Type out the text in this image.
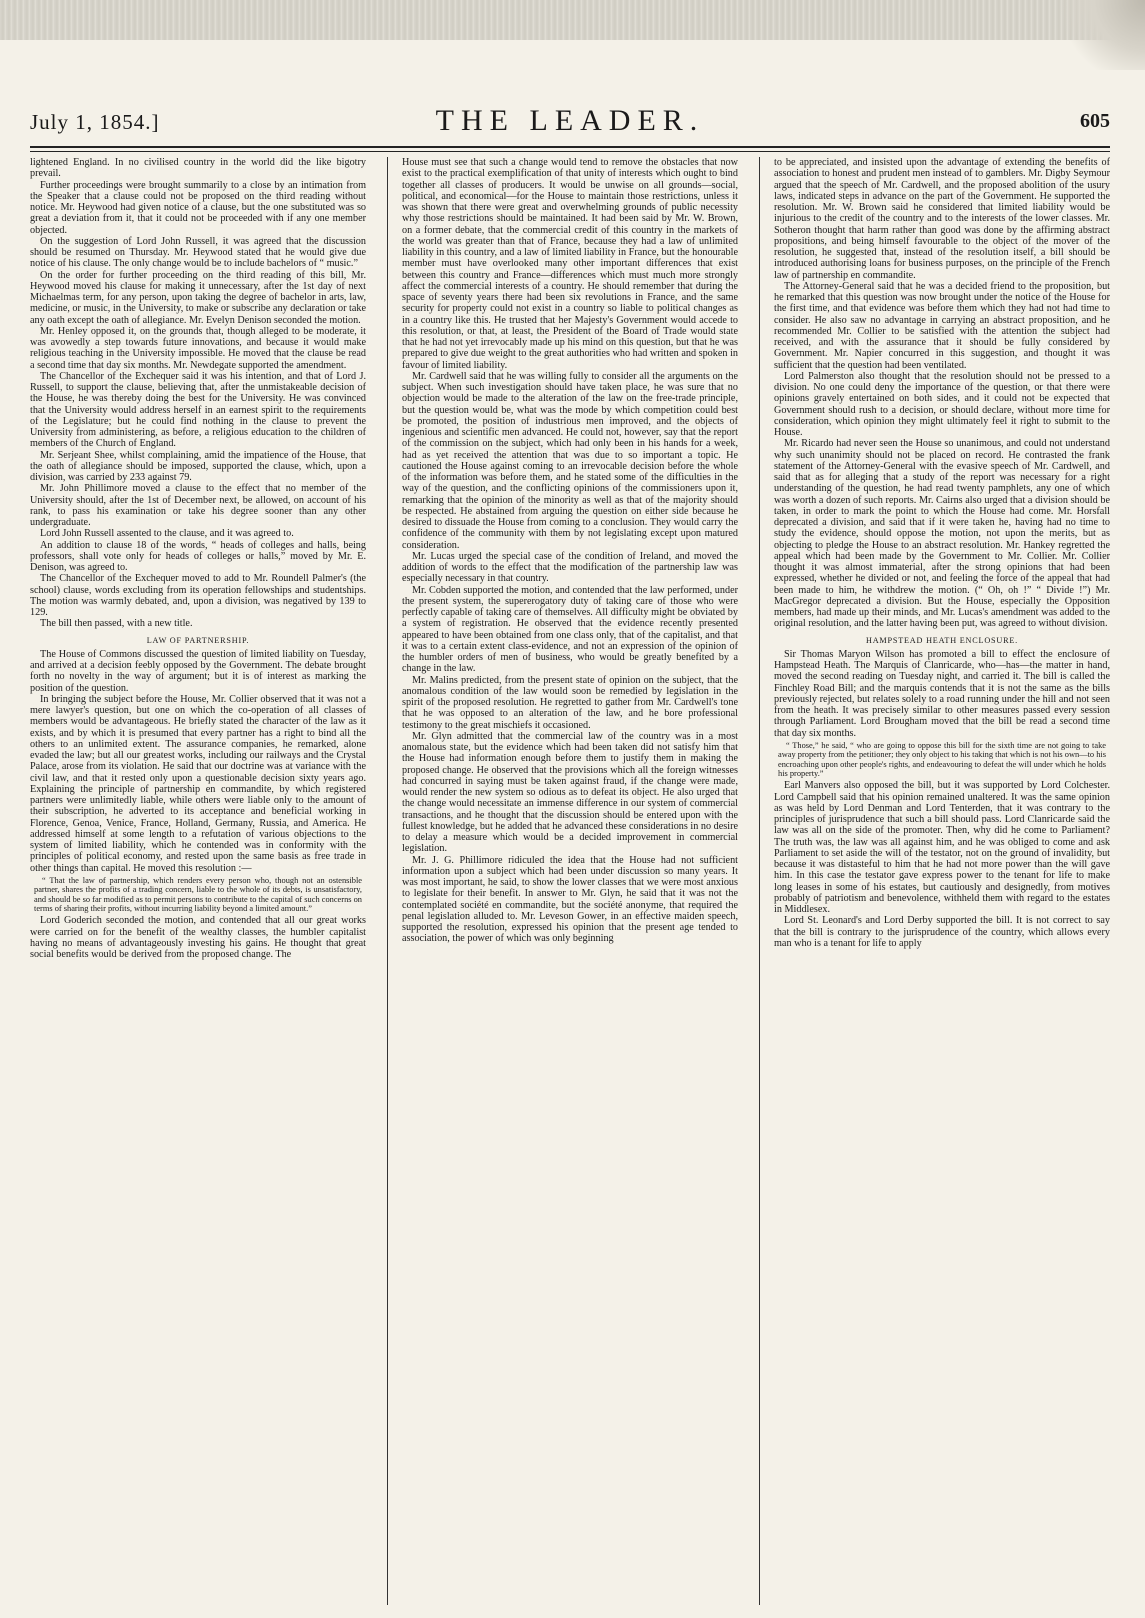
July 1, 1854.]	THE LEADER.	605

lightened England. In no civilised country in the world did the like bigotry prevail.

Further proceedings were brought summarily to a close by an intimation from the Speaker that a clause could not be proposed on the third reading without notice. Mr. Heywood had given notice of a clause, but the one substituted was so great a deviation from it, that it could not be proceeded with if any one member objected.

On the suggestion of Lord John Russell, it was agreed that the discussion should be resumed on Thursday. Mr. Heywood stated that he would give due notice of his clause. The only change would be to include bachelors of “ music.”

On the order for further proceeding on the third reading of this bill, Mr. Heywood moved his clause for making it unnecessary, after the 1st day of next Michaelmas term, for any person, upon taking the degree of bachelor in arts, law, medicine, or music, in the University, to make or subscribe any declaration or take any oath except the oath of allegiance. Mr. Evelyn Denison seconded the motion.

Mr. Henley opposed it, on the grounds that, though alleged to be moderate, it was avowedly a step towards future innovations, and because it would make religious teaching in the University impossible. He moved that the clause be read a second time that day six months. Mr. Newdegate supported the amendment.

The Chancellor of the Exchequer said it was his intention, and that of Lord J. Russell, to support the clause, believing that, after the unmistakeable decision of the House, he was thereby doing the best for the University. He was convinced that the University would address herself in an earnest spirit to the requirements of the Legislature; but he could find nothing in the clause to prevent the University from administering, as before, a religious education to the children of members of the Church of England.

Mr. Serjeant Shee, whilst complaining, amid the impatience of the House, that the oath of allegiance should be imposed, supported the clause, which, upon a division, was carried by 233 against 79.

Mr. John Phillimore moved a clause to the effect that no member of the University should, after the 1st of December next, be allowed, on account of his rank, to pass his examination or take his degree sooner than any other undergraduate.

Lord John Russell assented to the clause, and it was agreed to.

An addition to clause 18 of the words, “ heads of colleges and halls, being professors, shall vote only for heads of colleges or halls,” moved by Mr. E. Denison, was agreed to.

The Chancellor of the Exchequer moved to add to Mr. Roundell Palmer's (the school) clause, words excluding from its operation fellowships and studentships. The motion was warmly debated, and, upon a division, was negatived by 139 to 129.

The bill then passed, with a new title.

LAW OF PARTNERSHIP.

The House of Commons discussed the question of limited liability on Tuesday, and arrived at a decision feebly opposed by the Government. The debate brought forth no novelty in the way of argument; but it is of interest as marking the position of the question.

In bringing the subject before the House, Mr. Collier observed that it was not a mere lawyer's question, but one on which the co-operation of all classes of members would be advantageous. He briefly stated the character of the law as it exists, and by which it is presumed that every partner has a right to bind all the others to an unlimited extent. The assurance companies, he remarked, alone evaded the law; but all our greatest works, including our railways and the Crystal Palace, arose from its violation. He said that our doctrine was at variance with the civil law, and that it rested only upon a questionable decision sixty years ago. Explaining the principle of partnership en commandite, by which registered partners were unlimitedly liable, while others were liable only to the amount of their subscription, he adverted to its acceptance and beneficial working in Florence, Genoa, Venice, France, Holland, Germany, Russia, and America. He addressed himself at some length to a refutation of various objections to the system of limited liability, which he contended was in conformity with the principles of political economy, and rested upon the same basis as free trade in other things than capital. He moved this resolution :—

“ That the law of partnership, which renders every person who, though not an ostensible partner, shares the profits of a trading concern, liable to the whole of its debts, is unsatisfactory, and should be so far modified as to permit persons to contribute to the capital of such concerns on terms of sharing their profits, without incurring liability beyond a limited amount.”

Lord Goderich seconded the motion, and contended that all our great works were carried on for the benefit of the wealthy classes, the humbler capitalist having no means of advantageously investing his gains. He thought that great social benefits would be derived from the proposed change. The

House must see that such a change would tend to remove the obstacles that now exist to the practical exemplification of that unity of interests which ought to bind together all classes of producers. It would be unwise on all grounds—social, political, and economical—for the House to maintain those restrictions, unless it was shown that there were great and overwhelming grounds of public necessity why those restrictions should be maintained. It had been said by Mr. W. Brown, on a former debate, that the commercial credit of this country in the markets of the world was greater than that of France, because they had a law of unlimited liability in this country, and a law of limited liability in France, but the honourable member must have overlooked many other important differences that exist between this country and France—differences which must much more strongly affect the commercial interests of a country. He should remember that during the space of seventy years there had been six revolutions in France, and the same security for property could not exist in a country so liable to political changes as in a country like this. He trusted that her Majesty's Government would accede to this resolution, or that, at least, the President of the Board of Trade would state that he had not yet irrevocably made up his mind on this question, but that he was prepared to give due weight to the great authorities who had written and spoken in favour of limited liability.

Mr. Cardwell said that he was willing fully to consider all the arguments on the subject. When such investigation should have taken place, he was sure that no objection would be made to the alteration of the law on the free-trade principle, but the question would be, what was the mode by which competition could best be promoted, the position of industrious men improved, and the objects of ingenious and scientific men advanced. He could not, however, say that the report of the commission on the subject, which had only been in his hands for a week, had as yet received the attention that was due to so important a topic. He cautioned the House against coming to an irrevocable decision before the whole of the information was before them, and he stated some of the difficulties in the way of the question, and the conflicting opinions of the commissioners upon it, remarking that the opinion of the minority as well as that of the majority should be respected. He abstained from arguing the question on either side because he desired to dissuade the House from coming to a conclusion. They would carry the confidence of the community with them by not legislating except upon matured consideration.

Mr. Lucas urged the special case of the condition of Ireland, and moved the addition of words to the effect that the modification of the partnership law was especially necessary in that country.

Mr. Cobden supported the motion, and contended that the law performed, under the present system, the supererogatory duty of taking care of those who were perfectly capable of taking care of themselves. All difficulty might be obviated by a system of registration. He observed that the evidence recently presented appeared to have been obtained from one class only, that of the capitalist, and that it was to a certain extent class-evidence, and not an expression of the opinion of the humbler orders of men of business, who would be greatly benefited by a change in the law.

Mr. Malins predicted, from the present state of opinion on the subject, that the anomalous condition of the law would soon be remedied by legislation in the spirit of the proposed resolution. He regretted to gather from Mr. Cardwell's tone that he was opposed to an alteration of the law, and he bore professional testimony to the great mischiefs it occasioned.

Mr. Glyn admitted that the commercial law of the country was in a most anomalous state, but the evidence which had been taken did not satisfy him that the House had information enough before them to justify them in making the proposed change. He observed that the provisions which all the foreign witnesses had concurred in saying must be taken against fraud, if the change were made, would render the new system so odious as to defeat its object. He also urged that the change would necessitate an immense difference in our system of commercial transactions, and he thought that the discussion should be entered upon with the fullest knowledge, but he added that he advanced these considerations in no desire to delay a measure which would be a decided improvement in commercial legislation.

Mr. J. G. Phillimore ridiculed the idea that the House had not sufficient information upon a subject which had been under discussion so many years. It was most important, he said, to show the lower classes that we were most anxious to legislate for their benefit. In answer to Mr. Glyn, he said that it was not the contemplated société en commandite, but the société anonyme, that required the penal legislation alluded to. Mr. Leveson Gower, in an effective maiden speech, supported the resolution, expressed his opinion that the present age tended to association, the power of which was only beginning

to be appreciated, and insisted upon the advantage of extending the benefits of association to honest and prudent men instead of to gamblers. Mr. Digby Seymour argued that the speech of Mr. Cardwell, and the proposed abolition of the usury laws, indicated steps in advance on the part of the Government. He supported the resolution. Mr. W. Brown said he considered that limited liability would be injurious to the credit of the country and to the interests of the lower classes. Mr. Sotheron thought that harm rather than good was done by the affirming abstract propositions, and being himself favourable to the object of the mover of the resolution, he suggested that, instead of the resolution itself, a bill should be introduced authorising loans for business purposes, on the principle of the French law of partnership en commandite.

The Attorney-General said that he was a decided friend to the proposition, but he remarked that this question was now brought under the notice of the House for the first time, and that evidence was before them which they had not had time to consider. He also saw no advantage in carrying an abstract proposition, and he recommended Mr. Collier to be satisfied with the attention the subject had received, and with the assurance that it should be fully considered by Government. Mr. Napier concurred in this suggestion, and thought it was sufficient that the question had been ventilated.

Lord Palmerston also thought that the resolution should not be pressed to a division. No one could deny the importance of the question, or that there were opinions gravely entertained on both sides, and it could not be expected that Government should rush to a decision, or should declare, without more time for consideration, which opinion they might ultimately feel it right to submit to the House.

Mr. Ricardo had never seen the House so unanimous, and could not understand why such unanimity should not be placed on record. He contrasted the frank statement of the Attorney-General with the evasive speech of Mr. Cardwell, and said that as for alleging that a study of the report was necessary for a right understanding of the question, he had read twenty pamphlets, any one of which was worth a dozen of such reports. Mr. Cairns also urged that a division should be taken, in order to mark the point to which the House had come. Mr. Horsfall deprecated a division, and said that if it were taken he, having had no time to study the evidence, should oppose the motion, not upon the merits, but as objecting to pledge the House to an abstract resolution. Mr. Hankey regretted the appeal which had been made by the Government to Mr. Collier. Mr. Collier thought it was almost immaterial, after the strong opinions that had been expressed, whether he divided or not, and feeling the force of the appeal that had been made to him, he withdrew the motion. (“ Oh, oh !” “ Divide !”) Mr. MacGregor deprecated a division. But the House, especially the Opposition members, had made up their minds, and Mr. Lucas's amendment was added to the original resolution, and the latter having been put, was agreed to without division.

HAMPSTEAD HEATH ENCLOSURE.

Sir Thomas Maryon Wilson has promoted a bill to effect the enclosure of Hampstead Heath. The Marquis of Clanricarde, who—has—the matter in hand, moved the second reading on Tuesday night, and carried it. The bill is called the Finchley Road Bill; and the marquis contends that it is not the same as the bills previously rejected, but relates solely to a road running under the hill and not seen from the heath. It was precisely similar to other measures passed every session through Parliament. Lord Brougham moved that the bill be read a second time that day six months.

“ Those,” he said, “ who are going to oppose this bill for the sixth time are not going to take away property from the petitioner; they only object to his taking that which is not his own—to his encroaching upon other people's rights, and endeavouring to defeat the will under which he holds his property.”

Earl Manvers also opposed the bill, but it was supported by Lord Colchester. Lord Campbell said that his opinion remained unaltered. It was the same opinion as was held by Lord Denman and Lord Tenterden, that it was contrary to the principles of jurisprudence that such a bill should pass. Lord Clanricarde said the law was all on the side of the promoter. Then, why did he come to Parliament? The truth was, the law was all against him, and he was obliged to come and ask Parliament to set aside the will of the testator, not on the ground of invalidity, but because it was distasteful to him that he had not more power than the will gave him. In this case the testator gave express power to the tenant for life to make long leases in some of his estates, but cautiously and designedly, from motives probably of patriotism and benevolence, withheld them with regard to the estates in Middlesex.

Lord St. Leonard's and Lord Derby supported the bill. It is not correct to say that the bill is contrary to the jurisprudence of the country, which allows every man who is a tenant for life to apply
